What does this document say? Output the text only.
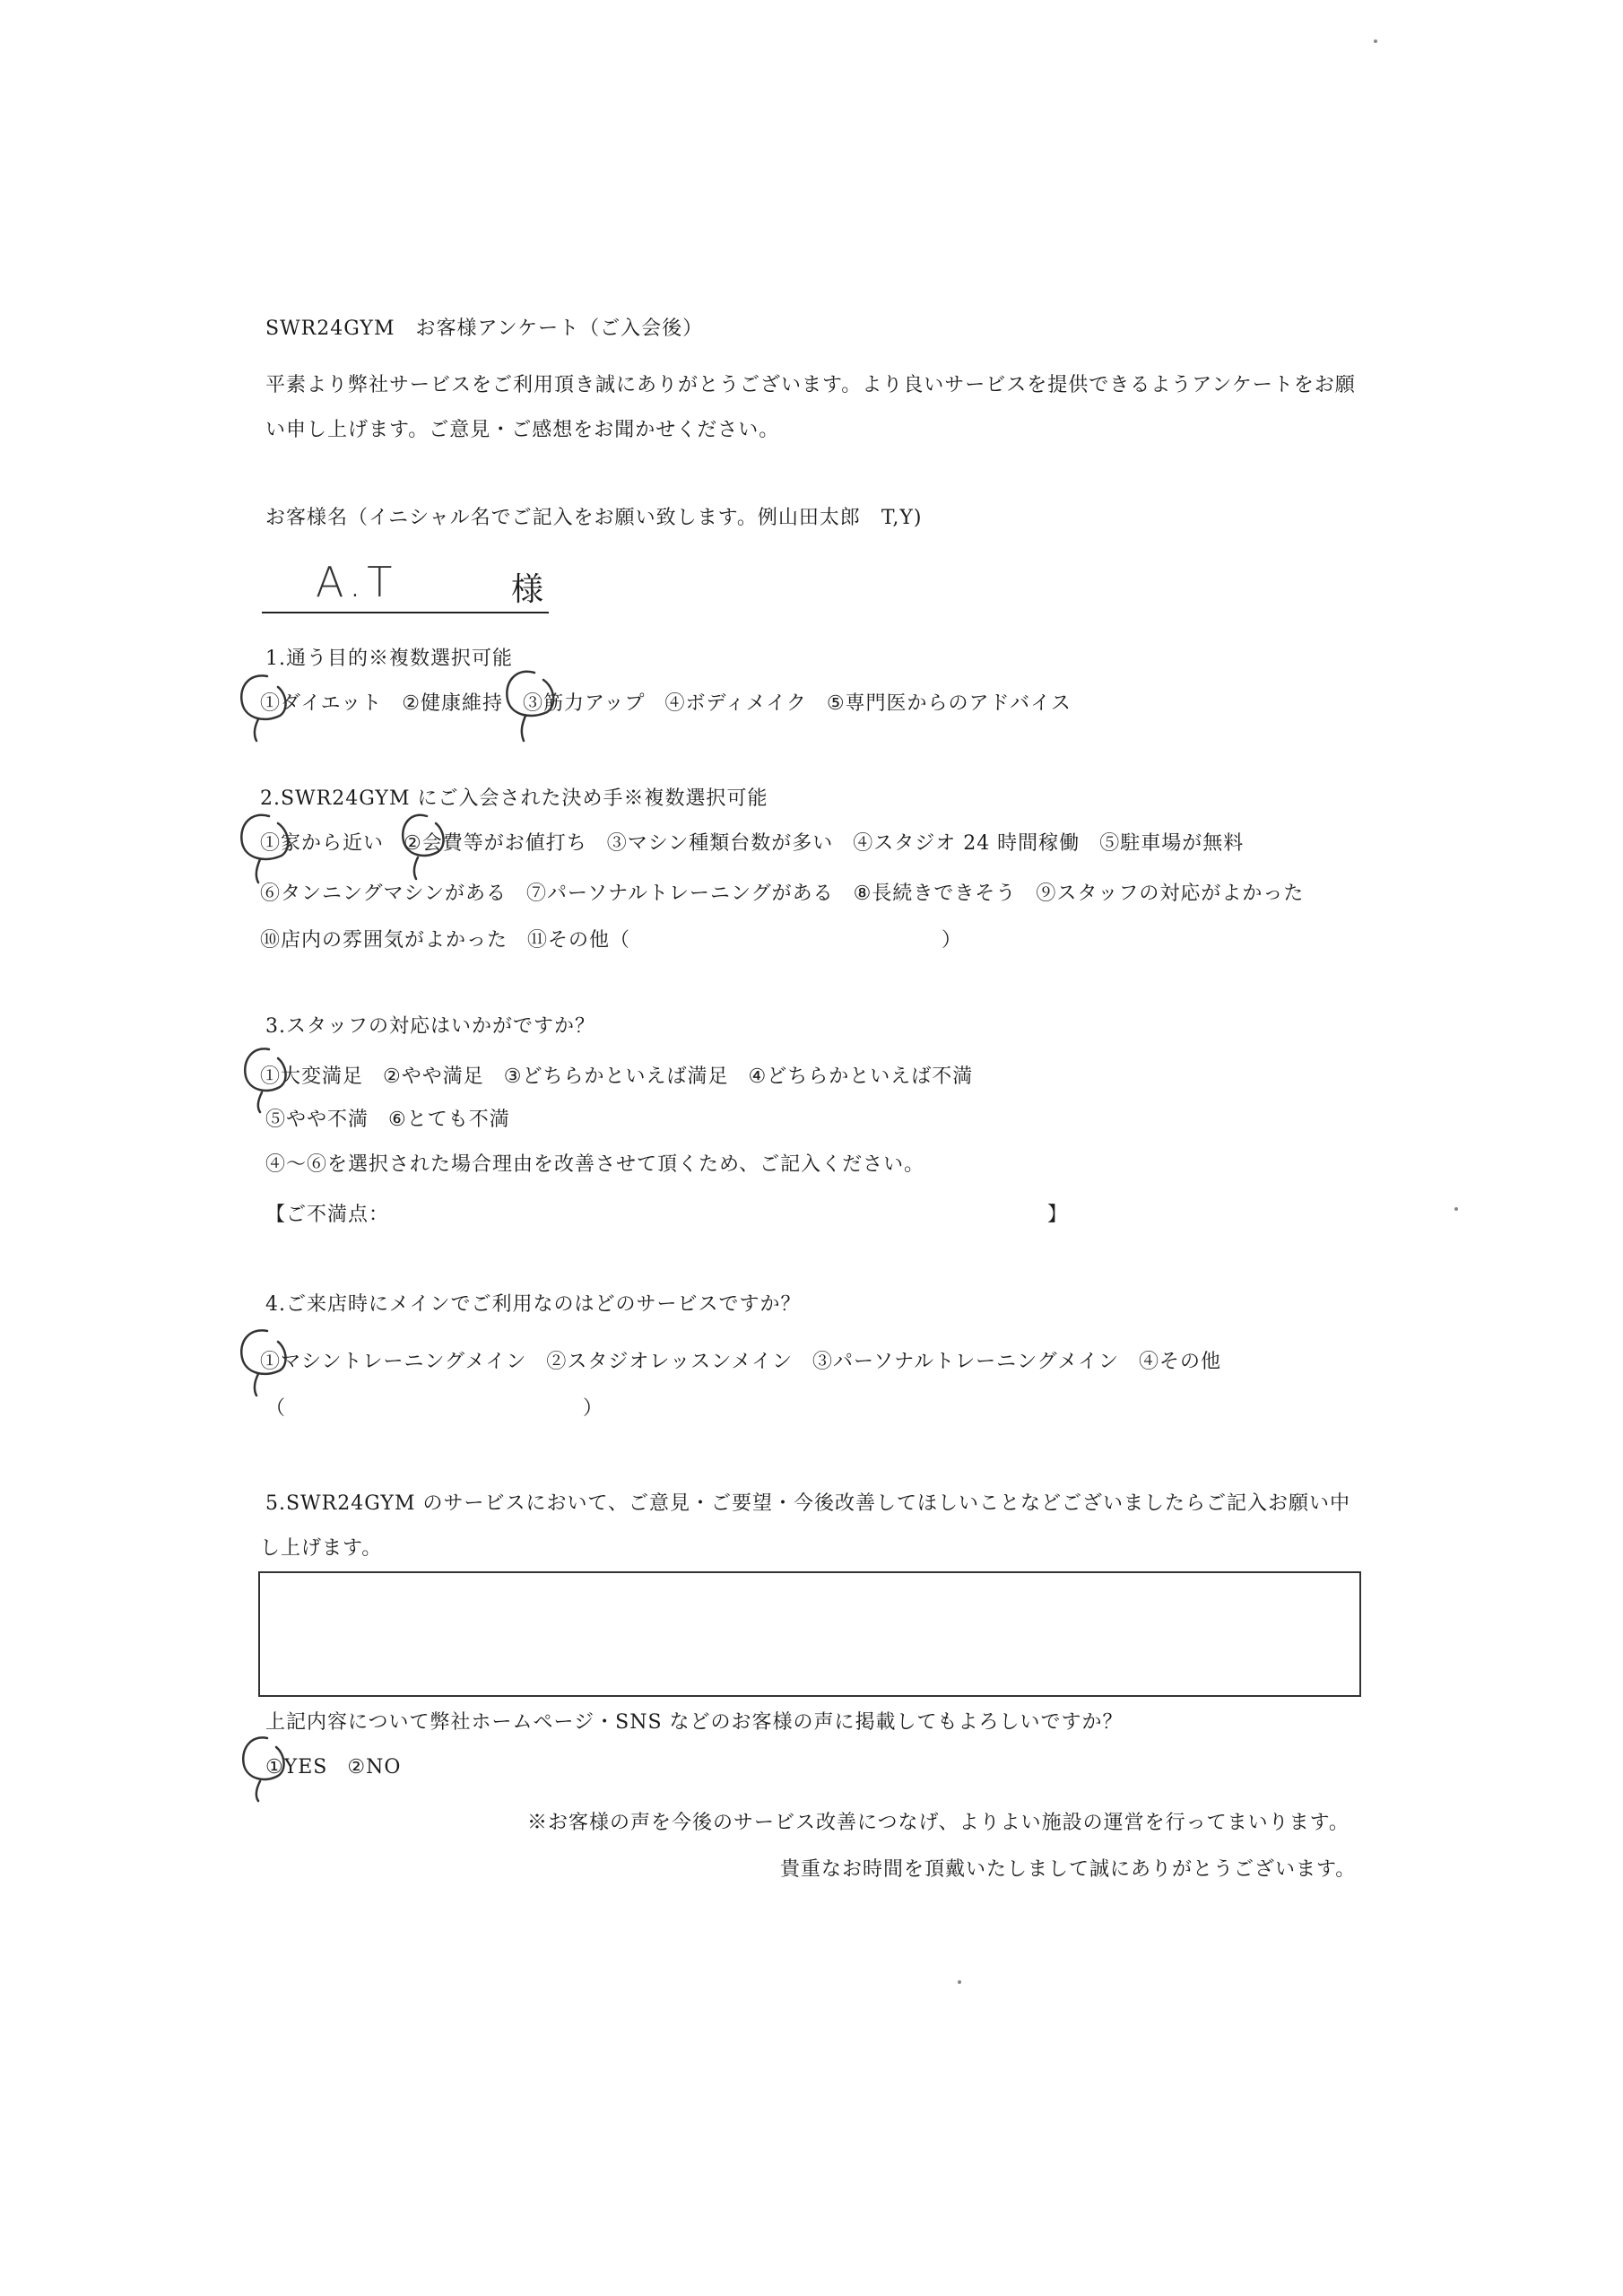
SWR24GYM　お客様アンケート（ご入会後）
平素より弊社サービスをご利用頂き誠にありがとうございます。より良いサービスを提供できるようアンケートをお願
い申し上げます。ご意見・ご感想をお聞かせください。
お客様名（イニシャル名でご記入をお願い致します。例山田太郎　T,Y)
A.T	様
1.通う目的※複数選択可能
①ダイエット ②健康維持 ③筋力アップ ④ボディメイク ⑤専門医からのアドバイス
2.SWR24GYM にご入会された決め手※複数選択可能
①家から近い ②会費等がお値打ち ③マシン種類台数が多い ④スタジオ 24 時間稼働 ⑤駐車場が無料
⑥タンニングマシンがある ⑦パーソナルトレーニングがある ⑧長続きできそう ⑨スタッフの対応がよかった
⑩店内の雰囲気がよかった ⑪その他（	）
3.スタッフの対応はいかがですか？
①大変満足 ②やや満足 ③どちらかといえば満足 ④どちらかといえば不満
⑤やや不満 ⑥とても不満
④～⑥を選択された場合理由を改善させて頂くため、ご記入ください。
【ご不満点：	】
4.ご来店時にメインでご利用なのはどのサービスですか？
①マシントレーニングメイン ②スタジオレッスンメイン ③パーソナルトレーニングメイン ④その他
（	）
5.SWR24GYM のサービスにおいて、ご意見・ご要望・今後改善してほしいことなどございましたらご記入お願い中
し上げます。
上記内容について弊社ホームページ・SNS などのお客様の声に掲載してもよろしいですか？
①YES ②NO
※お客様の声を今後のサービス改善につなげ、よりよい施設の運営を行ってまいります。
貴重なお時間を頂戴いたしまして誠にありがとうございます。
